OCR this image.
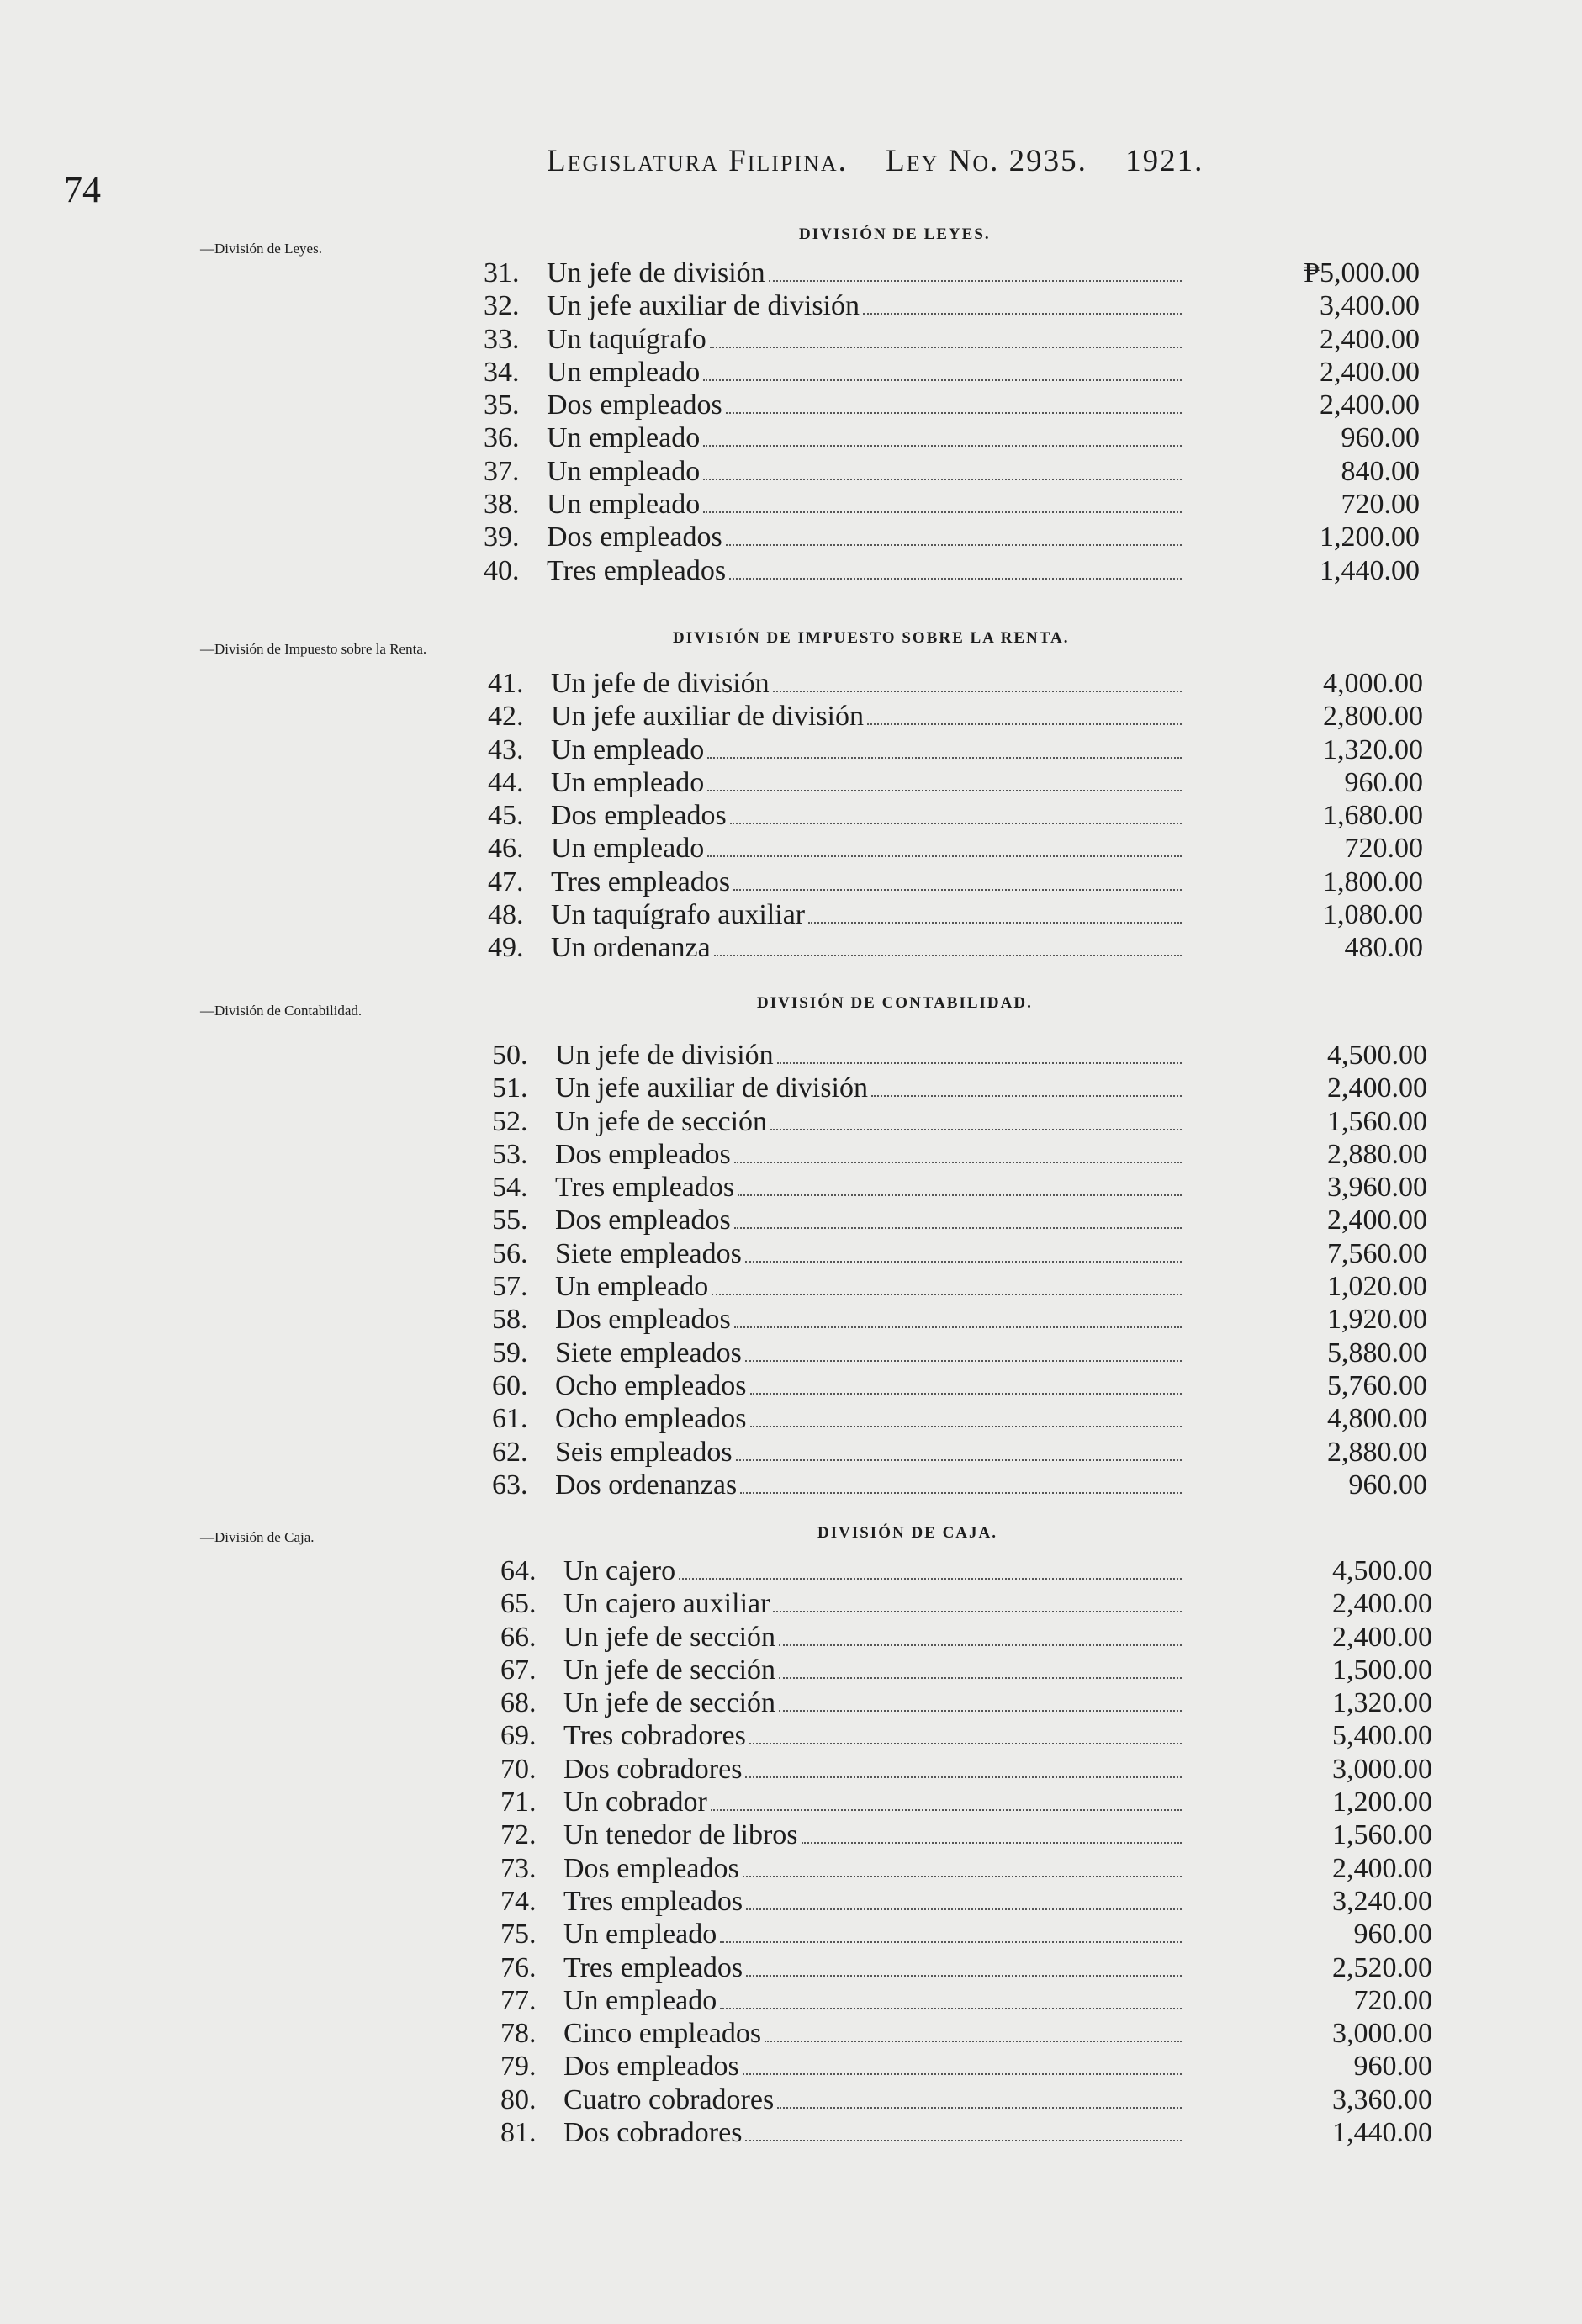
74
Legislatura Filipina. Ley No. 2935. 1921.
—División de Leyes.
DIVISIÓN DE LEYES.
31. Un jefe de división	₱5,000.00
32. Un jefe auxiliar de división	3,400.00
33. Un taquígrafo	2,400.00
34. Un empleado	2,400.00
35. Dos empleados	2,400.00
36. Un empleado	960.00
37. Un empleado	840.00
38. Un empleado	720.00
39. Dos empleados	1,200.00
40. Tres empleados	1,440.00
—División de Impuesto sobre la Renta.
DIVISIÓN DE IMPUESTO SOBRE LA RENTA.
41. Un jefe de división	4,000.00
42. Un jefe auxiliar de división	2,800.00
43. Un empleado	1,320.00
44. Un empleado	960.00
45. Dos empleados	1,680.00
46. Un empleado	720.00
47. Tres empleados	1,800.00
48. Un taquígrafo auxiliar	1,080.00
49. Un ordenanza	480.00
—División de Contabilidad.	DIVISIÓN DE CONTABILIDAD.
50. Un jefe de división	4,500.00
51. Un jefe auxiliar de división	2,400.00
52. Un jefe de sección	1,560.00
53. Dos empleados	2,880.00
54. Tres empleados	3,960.00
55. Dos empleados	2,400.00
56. Siete empleados	7,560.00
57. Un empleado	1,020.00
58. Dos empleados	1,920.00
59. Siete empleados	5,880.00
60. Ocho empleados	5,760.00
61. Ocho empleados	4,800.00
62. Seis empleados	2,880.00
63. Dos ordenanzas	960.00
—División de Caja.	DIVISIÓN DE CAJA.
64. Un cajero	4,500.00
65. Un cajero auxiliar	2,400.00
66. Un jefe de sección	2,400.00
67. Un jefe de sección	1,500.00
68. Un jefe de sección	1,320.00
69. Tres cobradores	5,400.00
70. Dos cobradores	3,000.00
71. Un cobrador	1,200.00
72. Un tenedor de libros	1,560.00
73. Dos empleados	2,400.00
74. Tres empleados	3,240.00
75. Un empleado	960.00
76. Tres empleados	2,520.00
77. Un empleado	720.00
78. Cinco empleados	3,000.00
79. Dos empleados	960.00
80. Cuatro cobradores	3,360.00
81. Dos cobradores	1,440.00
